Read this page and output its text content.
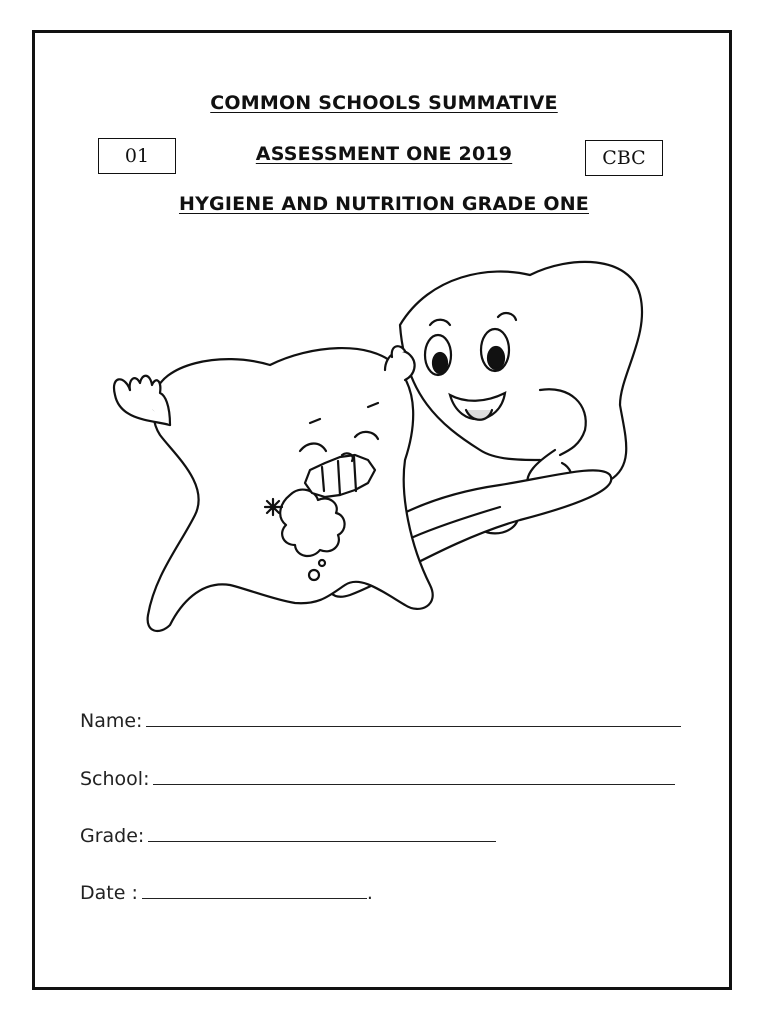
COMMON SCHOOLS SUMMATIVE
ASSESSMENT ONE 2019
HYGIENE AND NUTRITION GRADE ONE
01	CBC
Name:
School:
Grade:
Date :	.
